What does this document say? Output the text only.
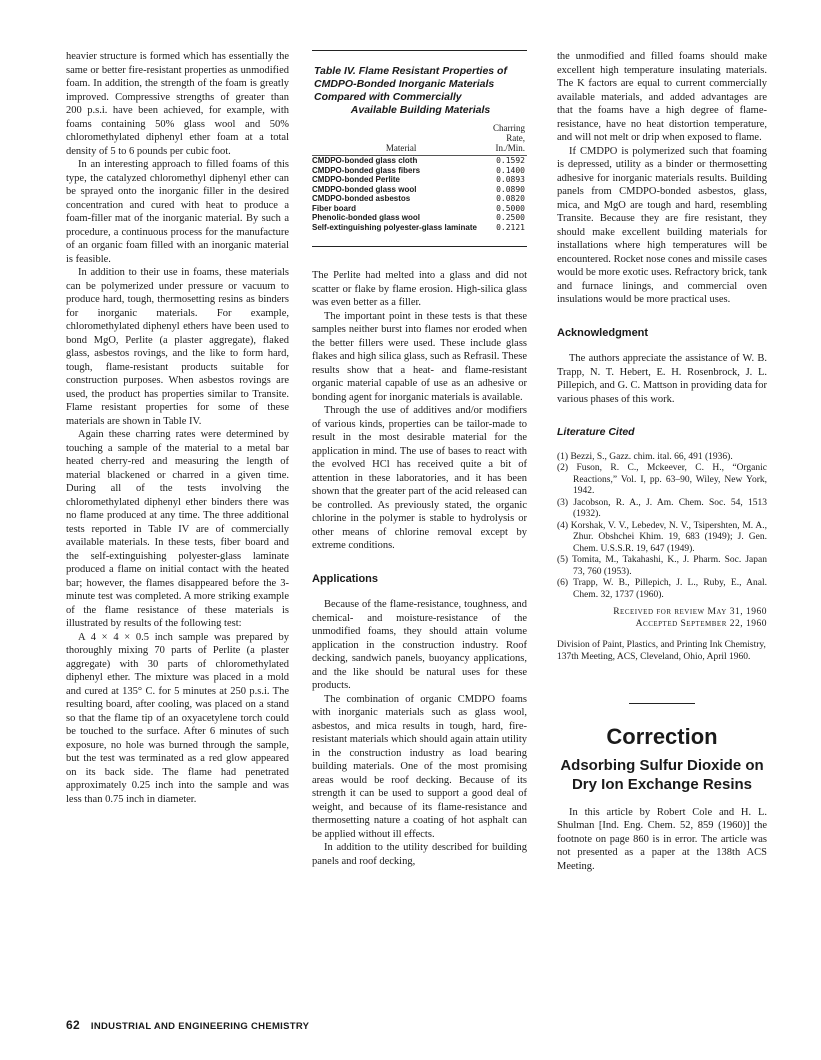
heavier structure is formed which has essentially the same or better fire-resistant properties as unmodified foam. In addition, the strength of the foam is greatly improved. Compressive strengths of greater than 200 p.s.i. have been achieved, for example, with foams containing 50% glass wool and 50% chloromethylated diphenyl ether foam at a total density of 5 to 6 pounds per cubic foot.

In an interesting approach to filled foams of this type, the catalyzed chloromethyl diphenyl ether can be sprayed onto the inorganic filler in the desired concentration and cured with heat to produce a foam-filler mat of the inorganic material. By such a procedure, a continuous process for the manufacture of an organic foam filled with an inorganic material is feasible.

In addition to their use in foams, these materials can be polymerized under pressure or vacuum to produce hard, tough, thermosetting resins as binders for inorganic materials. For example, chloromethylated diphenyl ethers have been used to bond MgO, Perlite (a plaster aggregate), flaked glass, asbestos rovings, and the like to form hard, tough, flame-resistant products suitable for construction purposes. When asbestos rovings are used, the product has properties similar to Transite. Flame resistant properties for some of these materials are shown in Table IV.

Again these charring rates were determined by touching a sample of the material to a metal bar heated cherry-red and measuring the length of material blackened or charred in a given time. During all of the tests involving the chloromethylated diphenyl ether binders there was no flame produced at any time. The three additional tests reported in Table IV are of commercially available materials. In these tests, fiber board and the self-extinguishing polyester-glass laminate produced a flame on initial contact with the heated bar; however, the flames disappeared before the 3-minute test was completed. A more striking example of the flame resistance of these materials is illustrated by results of the following test:

A 4 × 4 × 0.5 inch sample was prepared by thoroughly mixing 70 parts of Perlite (a plaster aggregate) with 30 parts of chloromethylated diphenyl ether. The mixture was placed in a mold and cured at 135° C. for 5 minutes at 250 p.s.i. The resulting board, after cooling, was placed on a stand so that the flame tip of an oxyacetylene torch could be touched to the surface. After 6 minutes of such exposure, no hole was burned through the sample, but the test was terminated as a red glow appeared on its back side. The flame had penetrated approximately 0.25 inch into the sample and was less than 0.75 inch in diameter.

Table IV. Flame Resistant Properties of CMDPO-Bonded Inorganic Materials Compared with Commercially
Available Building Materials
Material	Charring
Rate,
In./Min.

CMDPO-bonded glass cloth	0.1592
CMDPO-bonded glass fibers	0.1400
CMDPO-bonded Perlite	0.0893
CMDPO-bonded glass wool	0.0890
CMDPO-bonded asbestos	0.0820
Fiber board	0.5000
Phenolic-bonded glass wool	0.2500
Self-extinguishing polyester-glass laminate	0.2121

The Perlite had melted into a glass and did not scatter or flake by flame erosion. High-silica glass was even better as a filler.

The important point in these tests is that these samples neither burst into flames nor eroded when the better fillers were used. These include glass flakes and high silica glass, such as Refrasil. These results show that a heat- and flame-resistant organic material capable of use as an adhesive or bonding agent for inorganic materials is available.

Through the use of additives and/or modifiers of various kinds, properties can be tailor-made to result in the most desirable material for the application in mind. The use of bases to react with the evolved HCl has received quite a bit of attention in these laboratories, and it has been shown that the greater part of the acid released can be controlled. As previously stated, the organic chlorine in the polymer is stable to hydrolysis or other means of chlorine removal except by extreme conditions.

Applications

Because of the flame-resistance, toughness, and chemical- and moisture-resistance of the unmodified foams, they should attain volume application in the construction industry. Roof decking, sandwich panels, buoyancy applications, and the like should be natural uses for these products.

The combination of organic CMDPO foams with inorganic materials such as glass wool, asbestos, and mica results in tough, hard, fire-resistant materials which should again attain utility in the construction industry as load bearing building materials. One of the most promising areas would be roof decking. Because of its strength it can be used to support a good deal of weight, and because of its flame-resistance and thermosetting nature a coating of hot asphalt can be applied without ill effects.

In addition to the utility described for building panels and roof decking,

the unmodified and filled foams should make excellent high temperature insulating materials. The K factors are equal to current commercially available materials, and added advantages are that the foams have a high degree of flame-resistance, have no heat distortion temperature, and will not melt or drip when exposed to flame.

If CMDPO is polymerized such that foaming is depressed, utility as a binder or thermosetting adhesive for inorganic materials results. Building panels from CMDPO-bonded asbestos, glass, mica, and MgO are tough and hard, resembling Transite. Because they are fire resistant, they should make excellent building materials for installations where high temperatures will be encountered. Rocket nose cones and missile cases would be more exotic uses. Refractory brick, tank and furnace linings, and commercial oven insulations would be more practical uses.

Acknowledgment

The authors appreciate the assistance of W. B. Trapp, N. T. Hebert, E. H. Rosenbrock, J. L. Pillepich, and G. C. Mattson in providing data for various phases of this work.

Literature Cited
(1) Bezzi, S., Gazz. chim. ital. 66, 491 (1936).
(2) Fuson, R. C., Mckeever, C. H., “Organic Reactions,” Vol. I, pp. 63–90, Wiley, New York, 1942.
(3) Jacobson, R. A., J. Am. Chem. Soc. 54, 1513 (1932).
(4) Korshak, V. V., Lebedev, N. V., Tsipershten, M. A., Zhur. Obshchei Khim. 19, 683 (1949); J. Gen. Chem. U.S.S.R. 19, 647 (1949).
(5) Tomita, M., Takahashi, K., J. Pharm. Soc. Japan 73, 760 (1953).
(6) Trapp, W. B., Pillepich, J. L., Ruby, E., Anal. Chem. 32, 1737 (1960).
Received for review May 31, 1960
Accepted September 22, 1960
Division of Paint, Plastics, and Printing Ink Chemistry, 137th Meeting, ACS, Cleveland, Ohio, April 1960.
Correction
Adsorbing Sulfur Dioxide on Dry Ion Exchange Resins

In this article by Robert Cole and H. L. Shulman [Ind. Eng. Chem. 52, 859 (1960)] the footnote on page 860 is in error. The article was not presented as a paper at the 138th ACS Meeting.

62 INDUSTRIAL AND ENGINEERING CHEMISTRY
